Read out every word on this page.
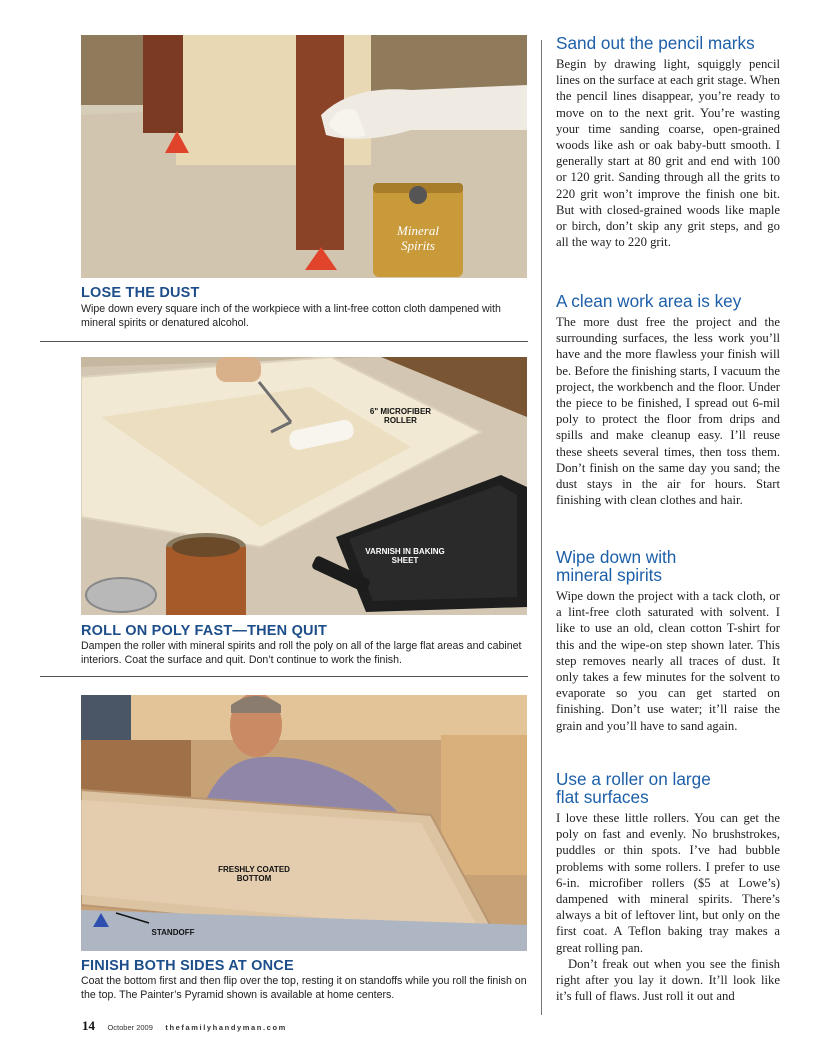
Mineral
Spirits
LOSE THE DUST
Wipe down every square inch of the workpiece with a lint-free cotton cloth dampened with mineral spirits or denatured alcohol.
6" MICROFIBER ROLLER
VARNISH IN BAKING SHEET
ROLL ON POLY FAST—THEN QUIT
Dampen the roller with mineral spirits and roll the poly on all of the large flat areas and cabinet interiors. Coat the surface and quit. Don’t continue to work the finish.
FRESHLY COATED BOTTOM
STANDOFF
FINISH BOTH SIDES AT ONCE
Coat the bottom first and then flip over the top, resting it on standoffs while you roll the finish on the top. The Painter’s Pyramid shown is available at home centers.
14 October 2009 thefamilyhandyman.com
Sand out the pencil marks

Begin by drawing light, squiggly pencil lines on the surface at each grit stage. When the pencil lines disappear, you’re ready to move on to the next grit. You’re wasting your time sanding coarse, open-grained woods like ash or oak baby-butt smooth. I generally start at 80 grit and end with 100 or 120 grit. Sanding through all the grits to 220 grit won’t improve the finish one bit. But with closed-grained woods like maple or birch, don’t skip any grit steps, and go all the way to 220 grit.

A clean work area is key

The more dust free the project and the surrounding surfaces, the less work you’ll have and the more flawless your finish will be. Before the finishing starts, I vacuum the project, the workbench and the floor. Under the piece to be finished, I spread out 6-mil poly to protect the floor from drips and spills and make cleanup easy. I’ll reuse these sheets several times, then toss them. Don’t finish on the same day you sand; the dust stays in the air for hours. Start finishing with clean clothes and hair.

Wipe down with mineral spirits

Wipe down the project with a tack cloth, or a lint-free cloth saturated with solvent. I like to use an old, clean cotton T-shirt for this and the wipe-on step shown later. This step removes nearly all traces of dust. It only takes a few minutes for the solvent to evaporate so you can get started on finishing. Don’t use water; it’ll raise the grain and you’ll have to sand again.

Use a roller on large flat surfaces

I love these little rollers. You can get the poly on fast and evenly. No brushstrokes, puddles or thin spots. I’ve had bubble problems with some rollers. I prefer to use 6-in. microfiber rollers ($5 at Lowe’s) dampened with mineral spirits. There’s always a bit of leftover lint, but only on the first coat. A Teflon baking tray makes a great rolling pan.

Don’t freak out when you see the finish right after you lay it down. It’ll look like it’s full of flaws. Just roll it out and
